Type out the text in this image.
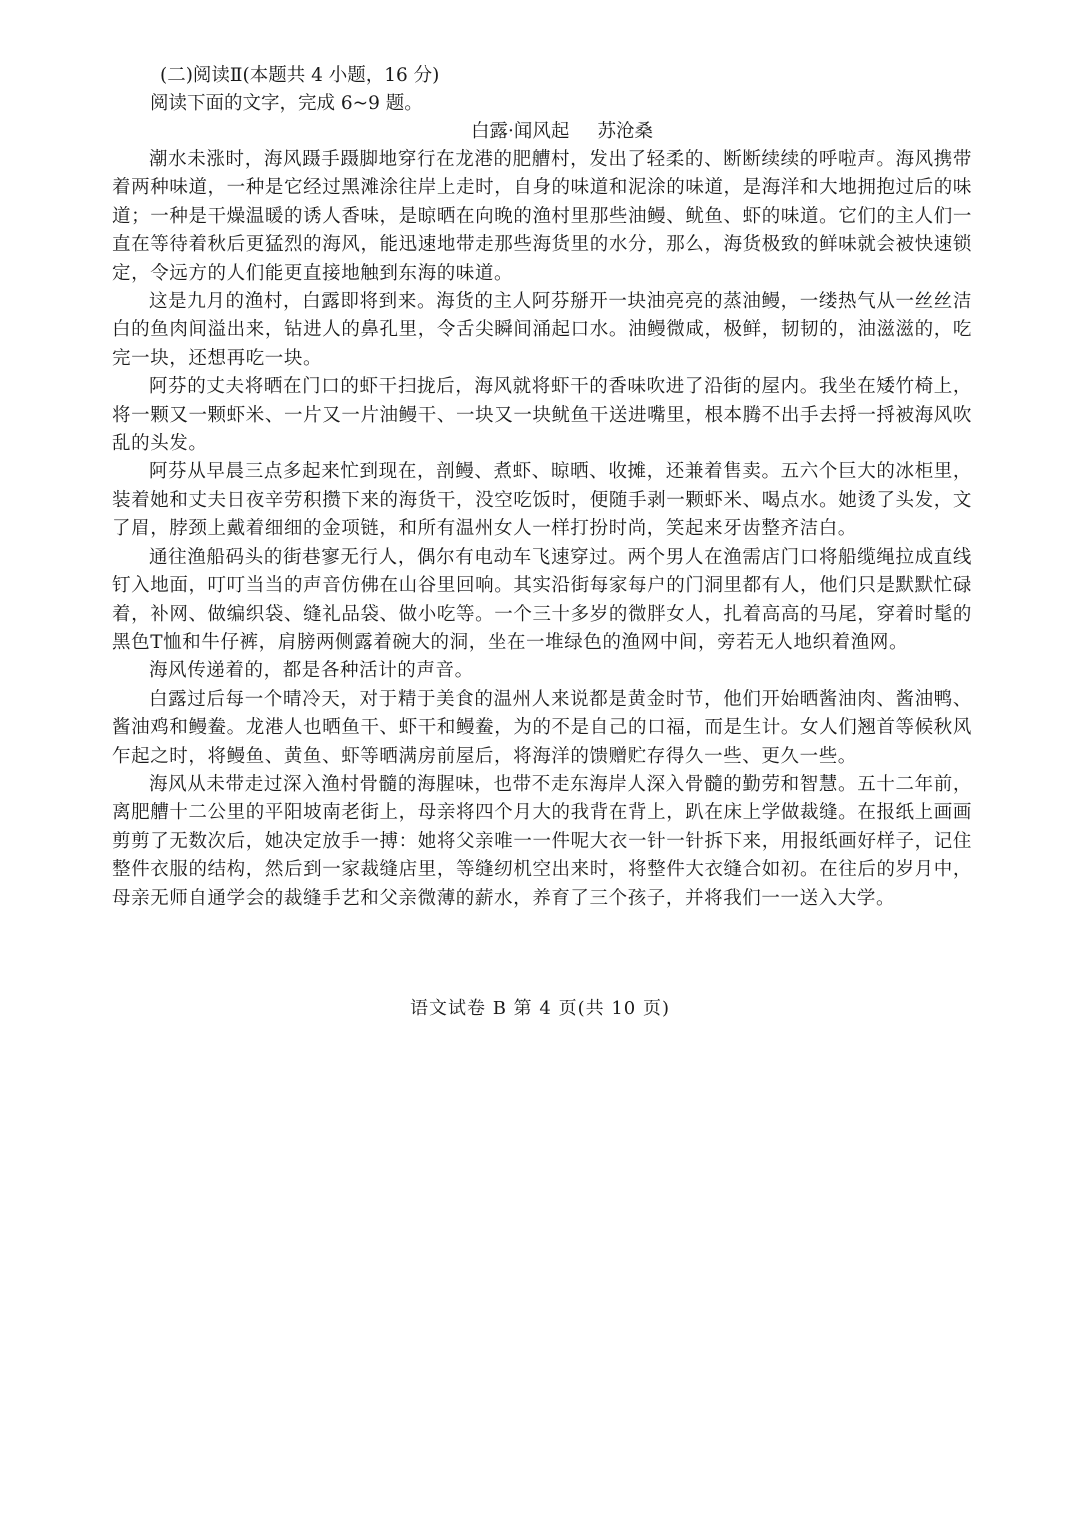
(二)阅读Ⅱ(本题共 4 小题，16 分)
阅读下面的文字，完成 6~9 题。
白露·闻风起 苏沧桑

潮水未涨时，海风蹑手蹑脚地穿行在龙港的肥艚村，发出了轻柔的、断断续续的呼啦声。海风携带着两种味道，一种是它经过黑滩涂往岸上走时，自身的味道和泥涂的味道，是海洋和大地拥抱过后的味道；一种是干燥温暖的诱人香味，是晾晒在向晚的渔村里那些油鳗、鱿鱼、虾的味道。它们的主人们一直在等待着秋后更猛烈的海风，能迅速地带走那些海货里的水分，那么，海货极致的鲜味就会被快速锁定，令远方的人们能更直接地触到东海的味道。

这是九月的渔村，白露即将到来。海货的主人阿芬掰开一块油亮亮的蒸油鳗，一缕热气从一丝丝洁白的鱼肉间溢出来，钻进人的鼻孔里，令舌尖瞬间涌起口水。油鳗微咸，极鲜，韧韧的，油滋滋的，吃完一块，还想再吃一块。

阿芬的丈夫将晒在门口的虾干扫拢后，海风就将虾干的香味吹进了沿街的屋内。我坐在矮竹椅上，将一颗又一颗虾米、一片又一片油鳗干、一块又一块鱿鱼干送进嘴里，根本腾不出手去捋一捋被海风吹乱的头发。

阿芬从早晨三点多起来忙到现在，剖鳗、煮虾、晾晒、收摊，还兼着售卖。五六个巨大的冰柜里，装着她和丈夫日夜辛劳积攒下来的海货干，没空吃饭时，便随手剥一颗虾米、喝点水。她烫了头发，文了眉，脖颈上戴着细细的金项链，和所有温州女人一样打扮时尚，笑起来牙齿整齐洁白。

通往渔船码头的街巷寥无行人，偶尔有电动车飞速穿过。两个男人在渔需店门口将船缆绳拉成直线钉入地面，叮叮当当的声音仿佛在山谷里回响。其实沿街每家每户的门洞里都有人，他们只是默默忙碌着，补网、做编织袋、缝礼品袋、做小吃等。一个三十多岁的微胖女人，扎着高高的马尾，穿着时髦的黑色T恤和牛仔裤，肩膀两侧露着碗大的洞，坐在一堆绿色的渔网中间，旁若无人地织着渔网。

海风传递着的，都是各种活计的声音。

白露过后每一个晴冷天，对于精于美食的温州人来说都是黄金时节，他们开始晒酱油肉、酱油鸭、酱油鸡和鳗鲞。龙港人也晒鱼干、虾干和鳗鲞，为的不是自己的口福，而是生计。女人们翘首等候秋风乍起之时，将鳗鱼、黄鱼、虾等晒满房前屋后，将海洋的馈赠贮存得久一些、更久一些。

海风从未带走过深入渔村骨髓的海腥味，也带不走东海岸人深入骨髓的勤劳和智慧。五十二年前，离肥艚十二公里的平阳坡南老街上，母亲将四个月大的我背在背上，趴在床上学做裁缝。在报纸上画画剪剪了无数次后，她决定放手一搏：她将父亲唯一一件呢大衣一针一针拆下来，用报纸画好样子，记住整件衣服的结构，然后到一家裁缝店里，等缝纫机空出来时，将整件大衣缝合如初。在往后的岁月中，母亲无师自通学会的裁缝手艺和父亲微薄的薪水，养育了三个孩子，并将我们一一送入大学。

语文试卷 B 第 4 页(共 10 页)
